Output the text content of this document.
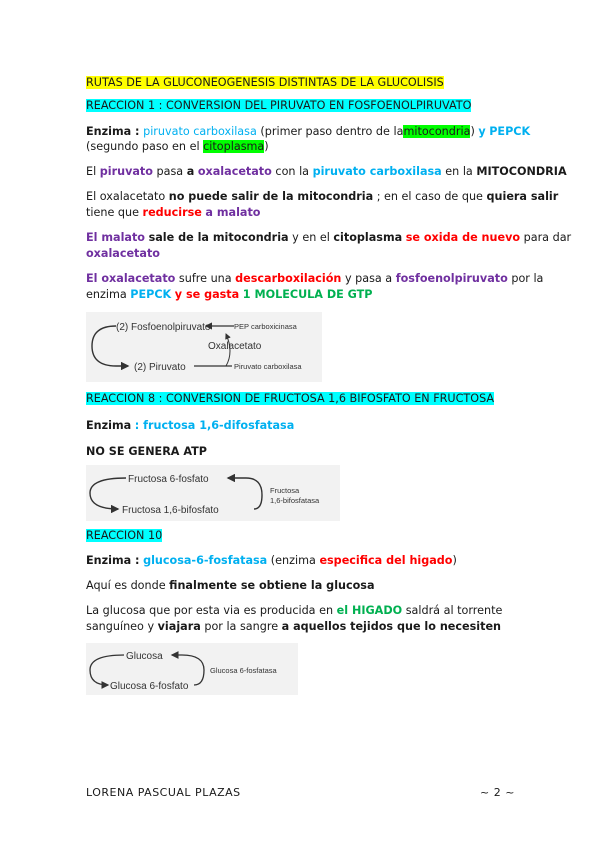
RUTAS DE LA GLUCONEOGENESIS DISTINTAS DE LA GLUCOLISIS
REACCION 1 : CONVERSION DEL PIRUVATO EN FOSFOENOLPIRUVATO
Enzima : piruvato carboxilasa (primer paso dentro de lamitocondria) y PEPCK
(segundo paso en el citoplasma)
El piruvato pasa a oxalacetato con la piruvato carboxilasa en la MITOCONDRIA
El oxalacetato no puede salir de la mitocondria ; en el caso de que quiera salir
tiene que reducirse a malato
El malato sale de la mitocondria y en el citoplasma se oxida de nuevo para dar
oxalacetato
El oxalacetato sufre una descarboxilación y pasa a fosfoenolpiruvato por la
enzima PEPCK y se gasta 1 MOLECULA DE GTP
(2) Fosfoenolpiruvato
Oxalacetato
(2) Piruvato
PEP carboxicinasa
Piruvato carboxilasa
REACCION 8 : CONVERSION DE FRUCTOSA 1,6 BIFOSFATO EN FRUCTOSA
Enzima : fructosa 1,6-difosfatasa
NO SE GENERA ATP
Fructosa 6-fosfato
Fructosa 1,6-bifosfato
Fructosa
1,6-bifosfatasa
REACCION 10
Enzima : glucosa-6-fosfatasa (enzima especifica del higado)
Aquí es donde finalmente se obtiene la glucosa
La glucosa que por esta via es producida en el HIGADO saldrá al torrente
sanguíneo y viajara por la sangre a aquellos tejidos que lo necesiten
Glucosa
Glucosa 6-fosfato
Glucosa 6-fosfatasa
LORENA PASCUAL PLAZAS	~ 2 ~
